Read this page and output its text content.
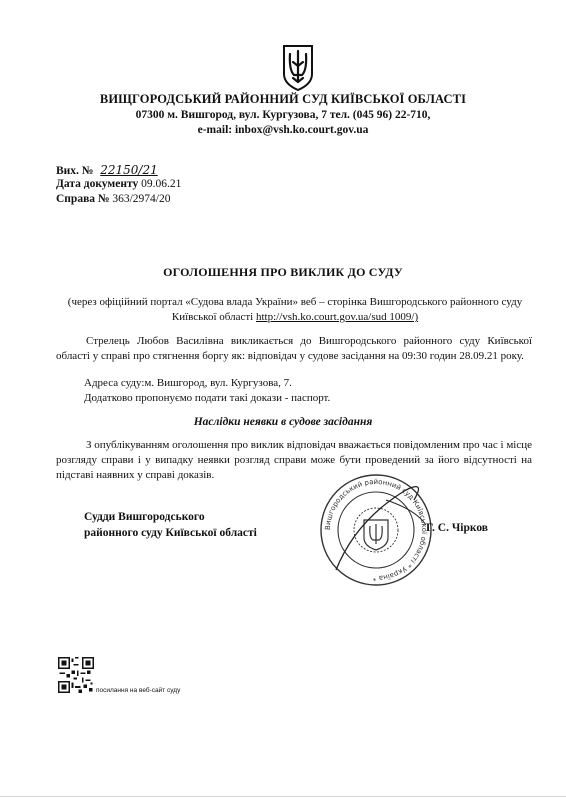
ВИЩГОРОДСЬКИЙ РАЙОННИЙ СУД КИЇВСЬКОЇ ОБЛАСТІ
07300 м. Вишгород, вул. Кургузова, 7 тел. (045 96) 22-710,
e-mail: inbox@vsh.ko.court.gov.ua
Вих. № 22150/21
Дата документу 09.06.21
Справа № 363/2974/20
ОГОЛОШЕННЯ ПРО ВИКЛИК ДО СУДУ
(через офіційний портал «Судова влада України» веб – сторінка Вишгородського районного суду Київської області http://vsh.ko.court.gov.ua/sud 1009/)
Стрелець Любов Василівна викликається до Вишгородського районного суду Київської області у справі про стягнення боргу як: відповідач у судове засідання на 09:30 годин 28.09.21 року.
Адреса суду:м. Вишгород, вул. Кургузова, 7.
Додатково пропонуємо подати такі докази - паспорт.
Наслідки неявки в судове засідання
З опублікуванням оголошення про виклик відповідач вважається повідомленим про час і місце розгляду справи і у випадку неявки розгляд справи може бути проведений за його відсутності на підставі наявних у справі доказів.
Вишгородський районний суд Київської області * Україна *
Судди Вишгородського
районного суду Київської області	Г. С. Чірков
посилання на веб-сайт суду
